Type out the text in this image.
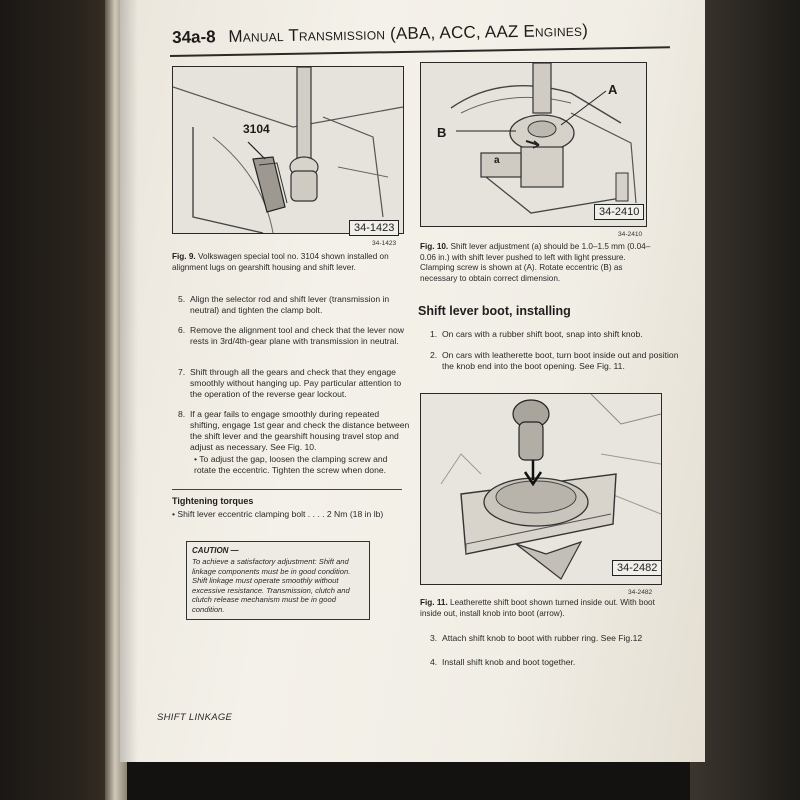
34a-8 Manual Transmission (ABA, ACC, AAZ Engines)
3104
34-1423
34-1423
Fig. 9. Volkswagen special tool no. 3104 shown installed on alignment lugs on gearshift housing and shift lever.
A
B
a
34-2410
34-2410
Fig. 10. Shift lever adjustment (a) should be 1.0–1.5 mm (0.04–0.06 in.) with shift lever pushed to left with light pressure. Clamping screw is shown at (A). Rotate eccentric (B) as necessary to obtain correct dimension.
5. Align the selector rod and shift lever (transmission in neutral) and tighten the clamp bolt.
6. Remove the alignment tool and check that the lever now rests in 3rd/4th-gear plane with transmission in neutral.
7. Shift through all the gears and check that they engage smoothly without hanging up. Pay particular attention to the operation of the reverse gear lockout.
8. If a gear fails to engage smoothly during repeated shifting, engage 1st gear and check the distance between the shift lever and the gearshift housing travel stop and adjust as necessary. See Fig. 10.
• To adjust the gap, loosen the clamping screw and rotate the eccentric. Tighten the screw when done.
Tightening torques
• Shift lever eccentric clamping bolt . . . . 2 Nm (18 in lb)
CAUTION —
To achieve a satisfactory adjustment: Shift and linkage components must be in good condition. Shift linkage must operate smoothly without excessive resistance. Transmission, clutch and clutch release mechanism must be in good condition.
Shift lever boot, installing
1. On cars with a rubber shift boot, snap into shift knob.
2. On cars with leatherette boot, turn boot inside out and position the knob end into the boot opening. See Fig. 11.
34-2482
34-2482
Fig. 11. Leatherette shift boot shown turned inside out. With boot inside out, install knob into boot (arrow).
3. Attach shift knob to boot with rubber ring. See Fig.12
4. Install shift knob and boot together.
SHIFT LINKAGE
